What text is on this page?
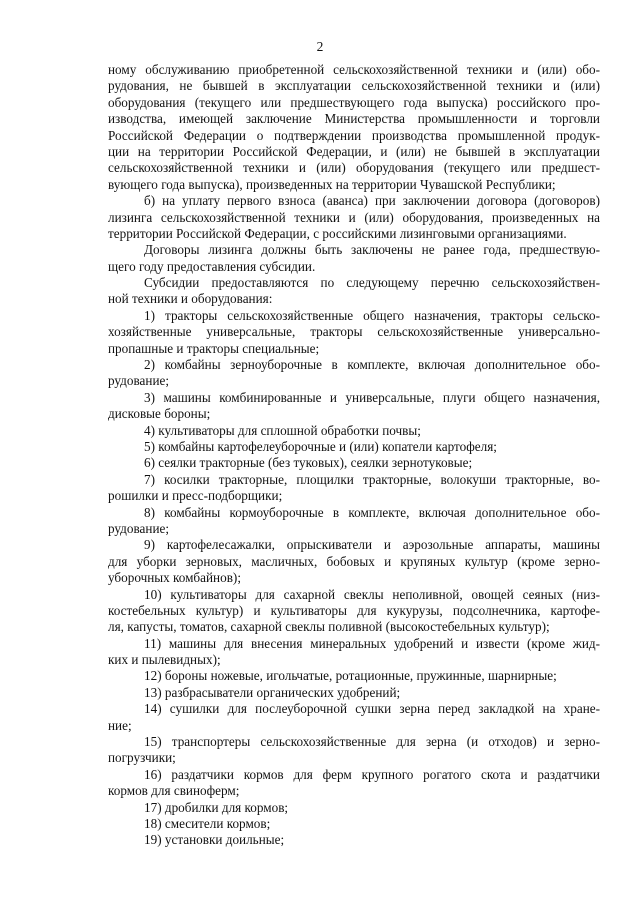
2
ному обслуживанию приобретенной сельскохозяйственной техники и (или) обо-
рудования, не бывшей в эксплуатации сельскохозяйственной техники и (или)
оборудования (текущего или предшествующего года выпуска) российского про-
изводства, имеющей заключение Министерства промышленности и торговли
Российской Федерации о подтверждении производства промышленной продук-
ции на территории Российской Федерации, и (или) не бывшей в эксплуатации
сельскохозяйственной техники и (или) оборудования (текущего или предшест-
вующего года выпуска), произведенных на территории Чувашской Республики;
б) на уплату первого взноса (аванса) при заключении договора (договоров)
лизинга сельскохозяйственной техники и (или) оборудования, произведенных на
территории Российской Федерации, с российскими лизинговыми организациями.
Договоры лизинга должны быть заключены не ранее года, предшествую-
щего году предоставления субсидии.
Субсидии предоставляются по следующему перечню сельскохозяйствен-
ной техники и оборудования:
1) тракторы сельскохозяйственные общего назначения, тракторы сельско-
хозяйственные универсальные, тракторы сельскохозяйственные универсально-
пропашные и тракторы специальные;
2) комбайны зерноуборочные в комплекте, включая дополнительное обо-
рудование;
3) машины комбинированные и универсальные, плуги общего назначения,
дисковые бороны;
4) культиваторы для сплошной обработки почвы;
5) комбайны картофелеуборочные и (или) копатели картофеля;
6) сеялки тракторные (без туковых), сеялки зернотуковые;
7) косилки тракторные, площилки тракторные, волокуши тракторные, во-
рошилки и пресс-подборщики;
8) комбайны кормоуборочные в комплекте, включая дополнительное обо-
рудование;
9) картофелесажалки, опрыскиватели и аэрозольные аппараты, машины
для уборки зерновых, масличных, бобовых и крупяных культур (кроме зерно-
уборочных комбайнов);
10) культиваторы для сахарной свеклы неполивной, овощей сеяных (низ-
костебельных культур) и культиваторы для кукурузы, подсолнечника, картофе-
ля, капусты, томатов, сахарной свеклы поливной (высокостебельных культур);
11) машины для внесения минеральных удобрений и извести (кроме жид-
ких и пылевидных);
12) бороны ножевые, игольчатые, ротационные, пружинные, шарнирные;
13) разбрасыватели органических удобрений;
14) сушилки для послеуборочной сушки зерна перед закладкой на хране-
ние;
15) транспортеры сельскохозяйственные для зерна (и отходов) и зерно-
погрузчики;
16) раздатчики кормов для ферм крупного рогатого скота и раздатчики
кормов для свиноферм;
17) дробилки для кормов;
18) смесители кормов;
19) установки доильные;
